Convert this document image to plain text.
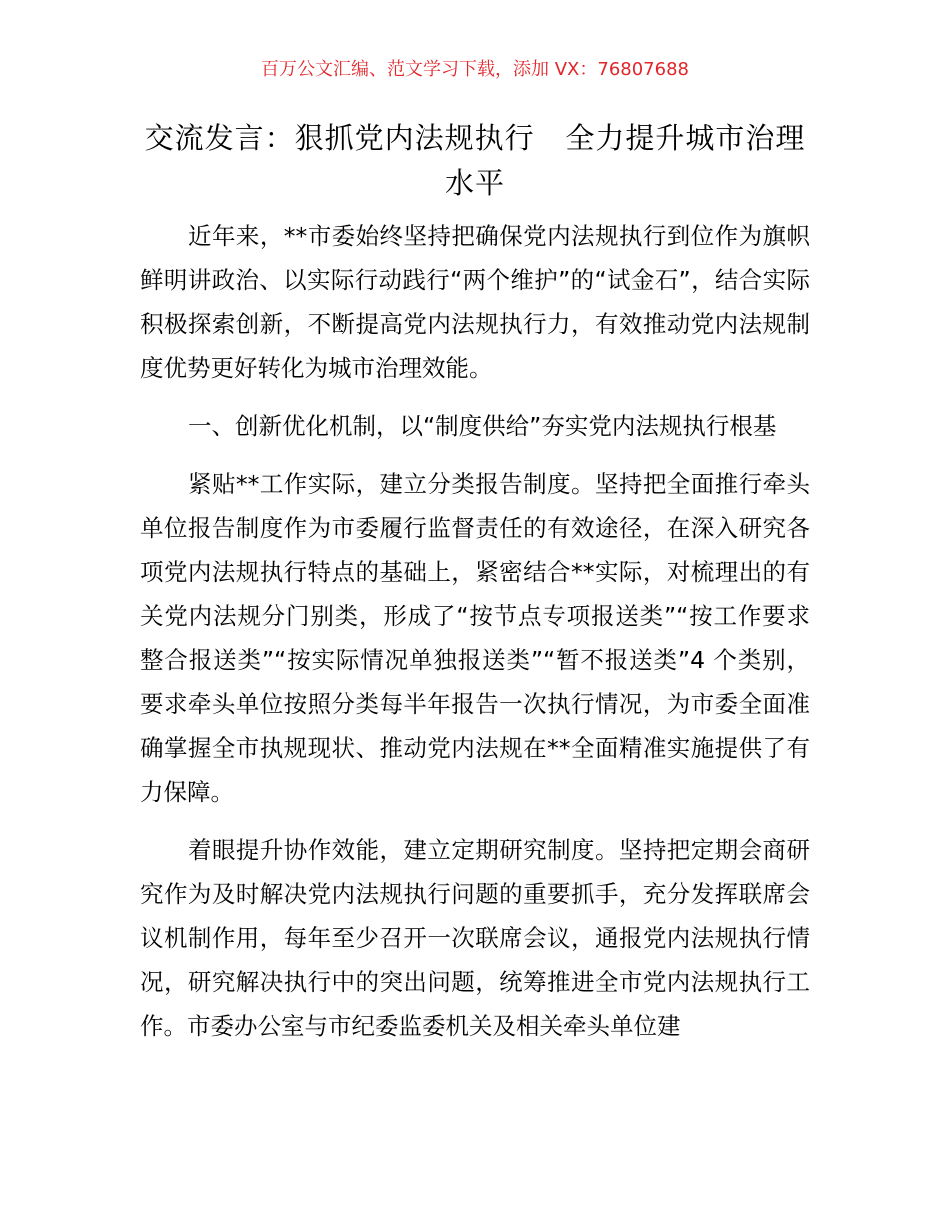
百万公文汇编、范文学习下载，添加 VX：76807688
交流发言：狠抓党内法规执行   全力提升城市治理水平

近年来，**市委始终坚持把确保党内法规执行到位作为旗帜鲜明讲政治、以实际行动践行“两个维护”的“试金石”，结合实际积极探索创新，不断提高党内法规执行力，有效推动党内法规制度优势更好转化为城市治理效能。

一、创新优化机制，以“制度供给”夯实党内法规执行根基

紧贴**工作实际，建立分类报告制度。坚持把全面推行牵头单位报告制度作为市委履行监督责任的有效途径，在深入研究各项党内法规执行特点的基础上，紧密结合**实际，对梳理出的有关党内法规分门别类，形成了“按节点专项报送类”“按工作要求整合报送类”“按实际情况单独报送类”“暂不报送类”4 个类别，要求牵头单位按照分类每半年报告一次执行情况，为市委全面准确掌握全市执规现状、推动党内法规在**全面精准实施提供了有力保障。

着眼提升协作效能，建立定期研究制度。坚持把定期会商研究作为及时解决党内法规执行问题的重要抓手，充分发挥联席会议机制作用，每年至少召开一次联席会议，通报党内法规执行情况，研究解决执行中的突出问题，统筹推进全市党内法规执行工作。市委办公室与市纪委监委机关及相关牵头单位建
